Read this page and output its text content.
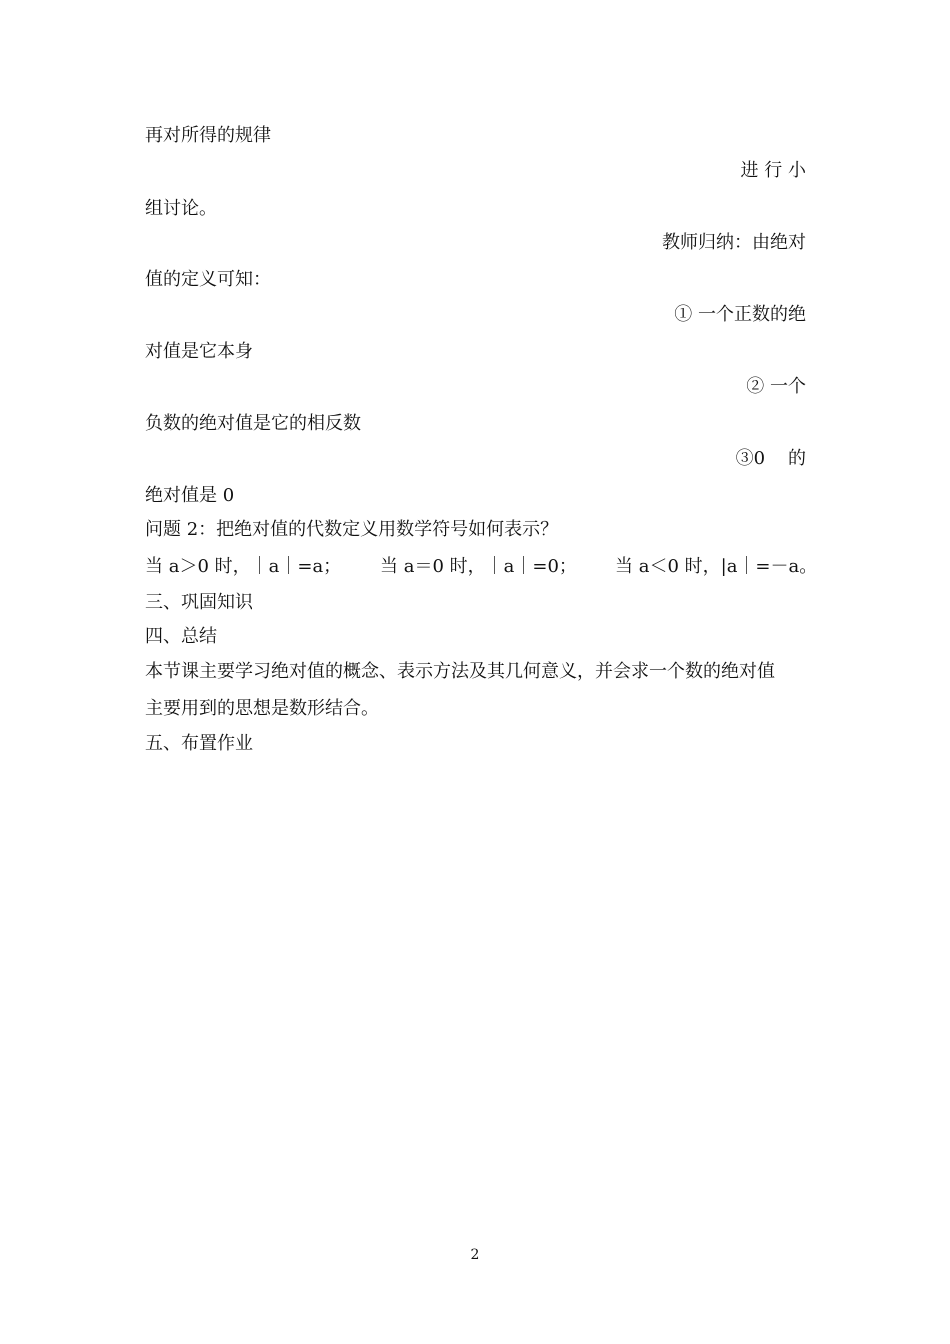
再对所得的规律
进 行 小
组讨论。
教师归纳：由绝对
值的定义可知：
① 一个正数的绝
对值是它本身
② 一个
负数的绝对值是它的相反数
③0    的
绝对值是 0
问题 2：把绝对值的代数定义用数学符号如何表示？
当 a＞0 时，｜a｜=a； 当 a＝0 时，｜a｜=0； 当 a＜0 时，|a｜=－a。
三、巩固知识
四、总结
本节课主要学习绝对值的概念、表示方法及其几何意义，并会求一个数的绝对值
主要用到的思想是数形结合。
五、布置作业
2
